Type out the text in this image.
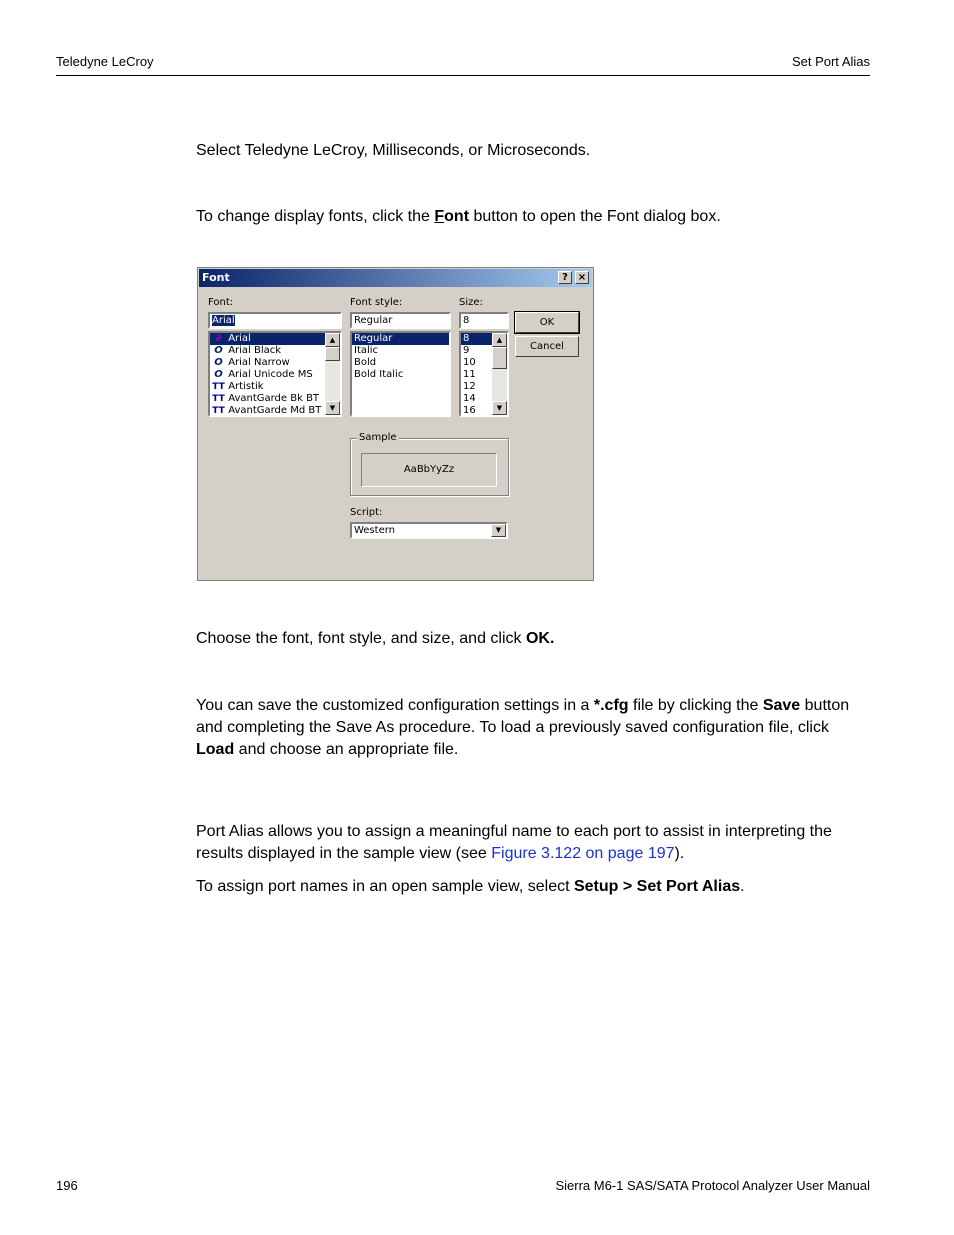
Teledyne LeCroy	Set Port Alias
Select Teledyne LeCroy, Milliseconds, or Microseconds.
To change display fonts, click the Font button to open the Font dialog box.
Font	? ×
Font:
Arial
∂ Arial
O Arial Black
O Arial Narrow
O Arial Unicode MS
TT Artistik
TT AvantGarde Bk BT
TT AvantGarde Md BT
▲
▼
Font style:
Regular
Regular
Italic
Bold
Bold Italic
Size:
8
8
9
10
11
12
14
16
▲
▼
OK
Cancel
Sample
AaBbYyZz
Script:
Western	▼
Choose the font, font style, and size, and click OK.
You can save the customized configuration settings in a *.cfg file by clicking the Save button and completing the Save As procedure. To load a previously saved configuration file, click Load and choose an appropriate file.
Port Alias allows you to assign a meaningful name to each port to assist in interpreting the results displayed in the sample view (see Figure 3.122 on page 197).
To assign port names in an open sample view, select Setup > Set Port Alias.
196	Sierra M6-1 SAS/SATA Protocol Analyzer User Manual
